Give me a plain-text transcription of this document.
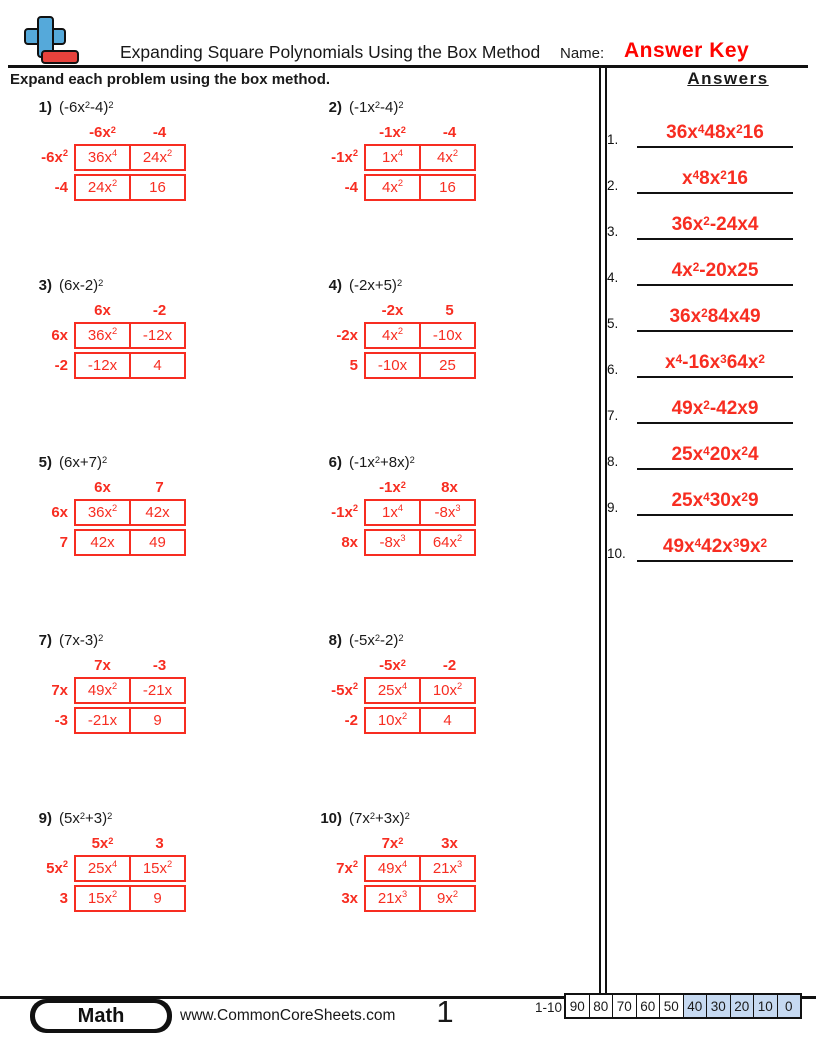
Expanding Square Polynomials Using the Box Method Name: Answer Key
Expand each problem using the box method.	Answers
1) $(-6x^2-4)^2$
$-6x^2$	-4
$-6x^2$	$36x^4$	$24x^2$
-4	$24x^2$	16
2) $(-1x^2-4)^2$
$-1x^2$	-4
$-1x^2$	$1x^4$	$4x^2$
-4	$4x^2$	16
3) $(6x-2)^2$
6x	-2
6x	$36x^2$	-12x
-2	-12x	4
4) $(-2x+5)^2$
-2x	5
-2x	$4x^2$	-10x
5	-10x	25
5) $(6x+7)^2$
6x	7
6x	$36x^2$	42x
7	42x	49
6) $(-1x^2+8x)^2$
$-1x^2$	8x
$-1x^2$	$1x^4$	$-8x^3$
8x	$-8x^3$	$64x^2$
7) $(7x-3)^2$
7x	-3
7x	$49x^2$	-21x
-3	-21x	9
8) $(-5x^2-2)^2$
$-5x^2$	-2
$-5x^2$	$25x^4$	$10x^2$
-2	$10x^2$	4
9) $(5x^2+3)^2$
$5x^2$	3
$5x^2$	$25x^4$	$15x^2$
3	$15x^2$	9
10) $(7x^2+3x)^2$
$7x^2$	3x
$7x^2$	$49x^4$	$21x^3$
3x	$21x^3$	$9x^2$
1.	$36x^448x^216$
2.	$x^48x^216$
3.	$36x^2-24x4$
4.	$4x^2-20x25$
5.	$36x^284x49$
6.	$x^4-16x^364x^2$
7.	$49x^2-42x9$
8.	$25x^420x^24$
9.	$25x^430x^29$
10.	$49x^442x^39x^2$
Math	www.CommonCoreSheets.com	1	1-10 90 80 70 60 50 40 30 20 10 0
